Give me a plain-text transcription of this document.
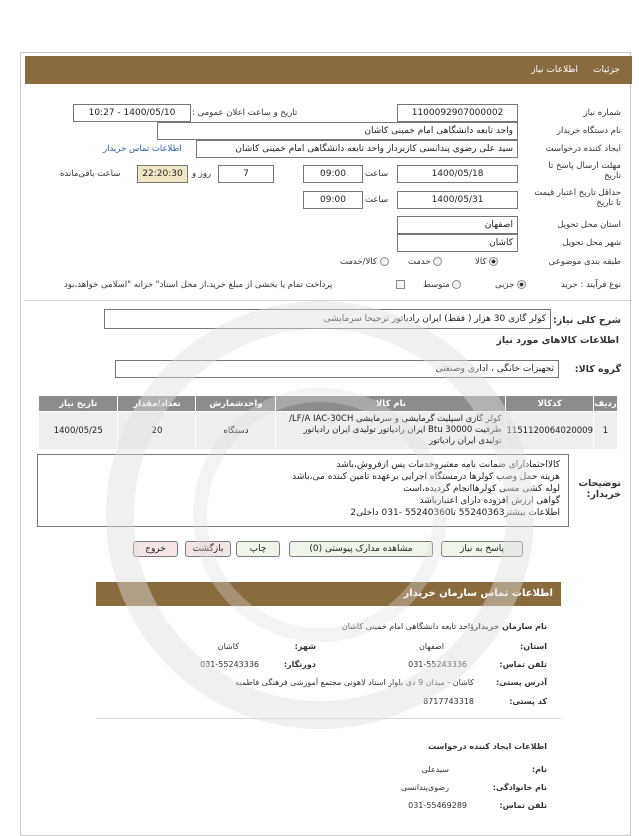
جزئیات
اطلاعات نیاز
شماره نیاز
1100092907000002
تاریخ و ساعت اعلان عمومی :
1400/05/10 - 10:27
نام دستگاه خریدار
واحد تابعه دانشگاهی امام خمینی کاشان
ایجاد کننده درخواست
سید علی رضوی پندانسی کاربرداز واحد تابعه دانشگاهی امام خمینی کاشان
اطلاعات تماس خریدار
مهلت ارسال پاسخ تا تاریخ
1400/05/18
ساعت
09:00
7
روز و
22:20:30
ساعت باقی‌مانده
حداقل تاریخ اعتبار قیمت تا تاریخ
1400/05/31
ساعت
09:00
استان محل تحویل
اصفهان
شهر محل تحویل
کاشان
طبقه بندی موضوعی
کالا
خدمت
کالا/خدمت
نوع فرآیند : خرید
جزیی
متوسط
پرداخت تمام یا بخشی از مبلغ خرید،از محل اسناد" خزانه "اسلامی خواهد،بود
شرح کلی نیاز:
کولر گازی 30 هزار ( فقط) ایران رادیاتور ترجیحا سرمایشی
اطلاعات کالاهای مورد نیاز
گروه کالا:
تجهیزات خانگی ، اداری وصنعتی
ردیف	کدکالا	نام کالا	واحدشمارش	تعداد/مقدار	تاریخ نیاز
1	1151120064020009	کولر گازی اسپلیت گرمایشی و سرمایشی LF/A IAC-30CH/ ظرفیت Btu 30000 ایران رادیاتور تولیدی ایران رادیاتور تولیدی ایران رادیاتور	دستگاه	20	1400/05/25
توضیحات خریدار:
کالااحتمادارای ضمانت نامه معتبروخدمات پس ازفروش،باشد
هزینه حمل وصب کولرها درمستگاه اجرایی برعهده تامین کننده می،باشد
لوله کشی مسی کولرهاانجام گردیده،است
گواهی ارزش افزوده دارای اعتبارباشد
اطلاعات بیشتر55240363 تا55240360 -031 داخلی2
پاسخ به نیاز
مشاهده مدارک پیوستی (0)
چاپ
بازگشت
خروج
اطلاعات تماس سازمان خریدار
نام سازمان خریدار:
واحد تابعه دانشگاهی امام خمینی کاشان
استان:
اصفهان
شهر:
کاشان
تلفن تماس:
031-55243336
دورنگار:
031-55243336
آدرس پستی:
کاشان - میدان 9 دی بلوار استاد لاهوتی مجتمع آموزشی فرهنگی فاطمیه
کد پستی:
8717743318
اطلاعات ایجاد کننده درخواست
نام:
سیدعلی
نام خانوادگی:
رضوی‌پندانسی
تلفن تماس:
031-55469289
